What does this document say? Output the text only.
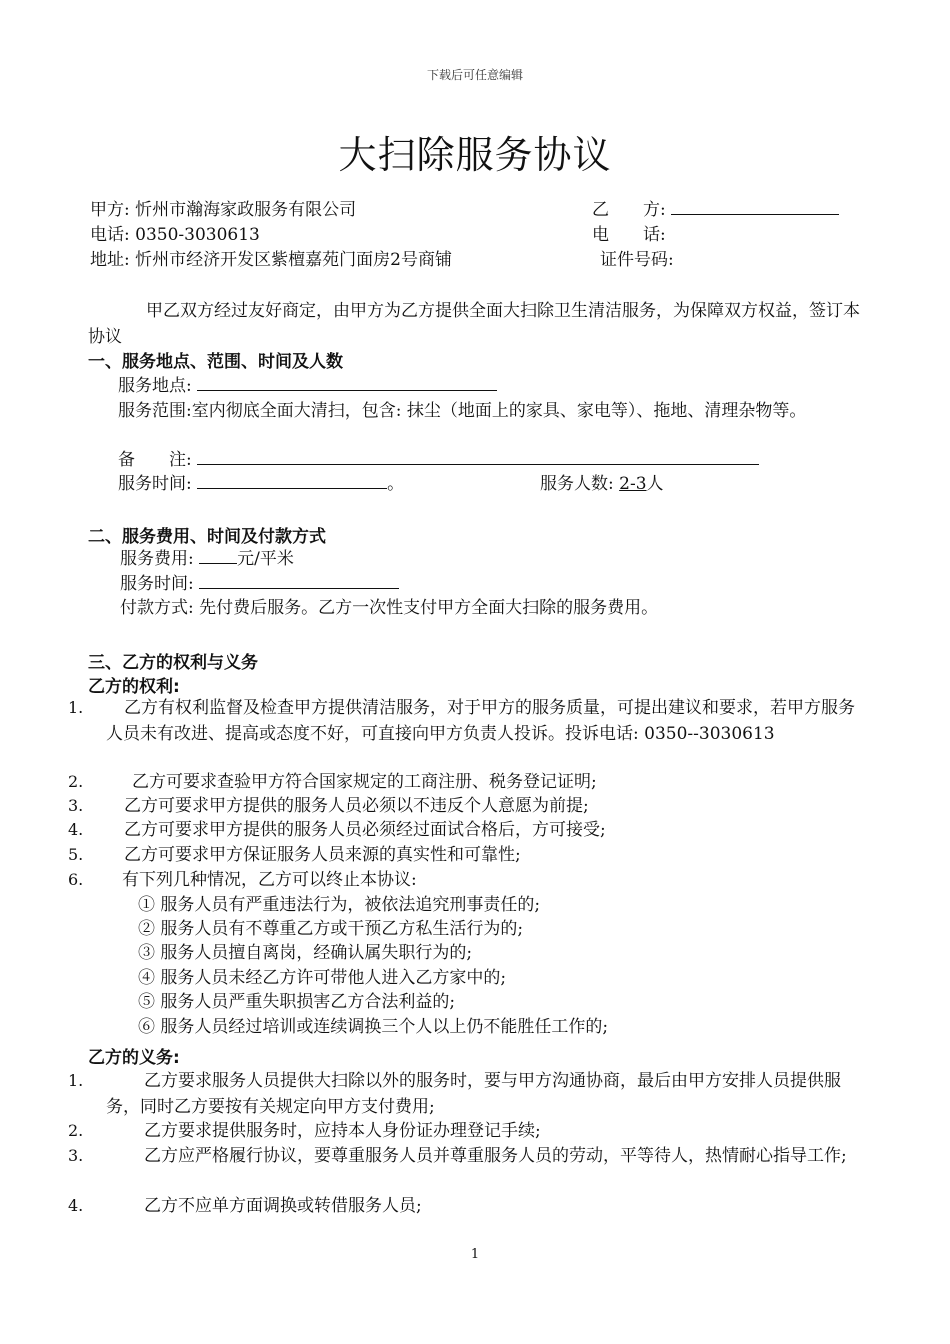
下载后可任意编辑
大扫除服务协议
甲方: 忻州市瀚海家政服务有限公司
电话: 0350-3030613
地址: 忻州市经济开发区紫檀嘉苑门面房2号商铺
乙　　方:
电　　话:
证件号码:
甲乙双方经过友好商定，由甲方为乙方提供全面大扫除卫生清洁服务，为保障双方权益，签订本协议
一、服务地点、范围、时间及人数
服务地点:
服务范围:室内彻底全面大清扫，包含: 抹尘（地面上的家具、家电等）、拖地、清理杂物等。
备　　注:
服务时间:	。	服务人数: 2-3人
二、服务费用、时间及付款方式
服务费用:	元/平米
服务时间:
付款方式: 先付费后服务。乙方一次性支付甲方全面大扫除的服务费用。
三、乙方的权利与义务
乙方的权利:
1.	乙方有权利监督及检查甲方提供清洁服务，对于甲方的服务质量，可提出建议和要求，若甲方服务人员未有改进、提高或态度不好，可直接向甲方负责人投诉。投诉电话: 0350--3030613
2.	乙方可要求查验甲方符合国家规定的工商注册、税务登记证明;
3. 乙方可要求甲方提供的服务人员必须以不违反个人意愿为前提;
4. 乙方可要求甲方提供的服务人员必须经过面试合格后，方可接受;
5. 乙方可要求甲方保证服务人员来源的真实性和可靠性;
6. 有下列几种情况，乙方可以终止本协议:
① 服务人员有严重违法行为，被依法追究刑事责任的;
② 服务人员有不尊重乙方或干预乙方私生活行为的;
③ 服务人员擅自离岗，经确认属失职行为的;
④ 服务人员未经乙方许可带他人进入乙方家中的;
⑤ 服务人员严重失职损害乙方合法利益的;
⑥ 服务人员经过培训或连续调换三个人以上仍不能胜任工作的;
乙方的义务:
1.	乙方要求服务人员提供大扫除以外的服务时，要与甲方沟通协商，最后由甲方安排人员提供服务，同时乙方要按有关规定向甲方支付费用;
2.	乙方要求提供服务时，应持本人身份证办理登记手续;
3.	乙方应严格履行协议，要尊重服务人员并尊重服务人员的劳动，平等待人，热情耐心指导工作;
4.	乙方不应单方面调换或转借服务人员;
1
